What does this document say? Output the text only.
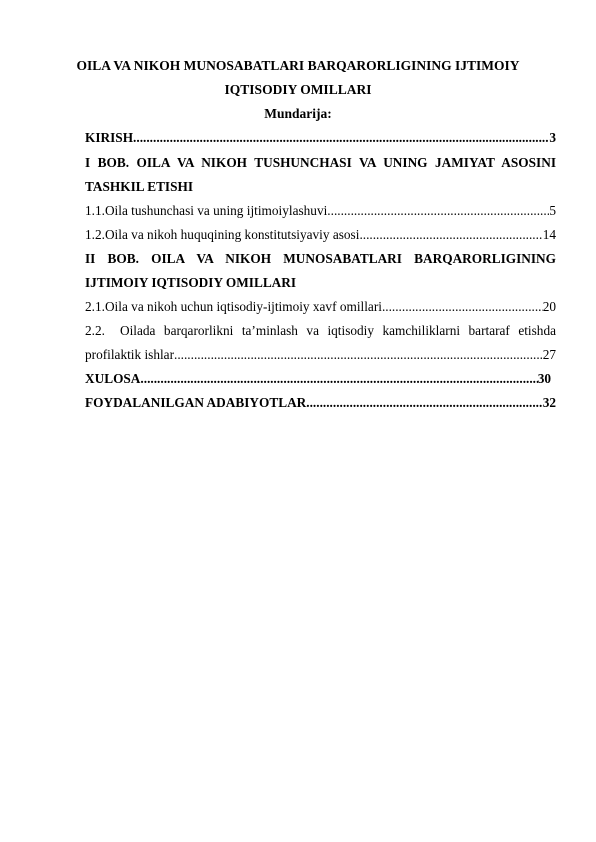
OILA VA NIKOH MUNOSABATLARI BARQARORLIGINING IJTIMOIY

IQTISODIY OMILLARI

Mundarija:

KIRISH .....	3
I BOB. OILA VA NIKOH TUSHUNCHASI VA UNING JAMIYAT ASOSINI
TASHKIL ETISHI
1.1. Oila tushunchasi va uning ijtimoiylashuvi .....	5
1.2. Oila va nikoh huquqining konstitutsiyaviy asosi .....	14
II BOB. OILA VA NIKOH MUNOSABATLARI BARQARORLIGINING
IJTIMOIY IQTISODIY OMILLARI
2.1. Oila va nikoh uchun iqtisodiy-ijtimoiy xavf omillari .....	20
2.2. Oilada barqarorlikni ta’minlash va iqtisodiy kamchiliklarni bartaraf etishda
profilaktik ishlar .....	27
XULOSA .....	30
FOYDALANILGAN ADABIYOTLAR .....	32
